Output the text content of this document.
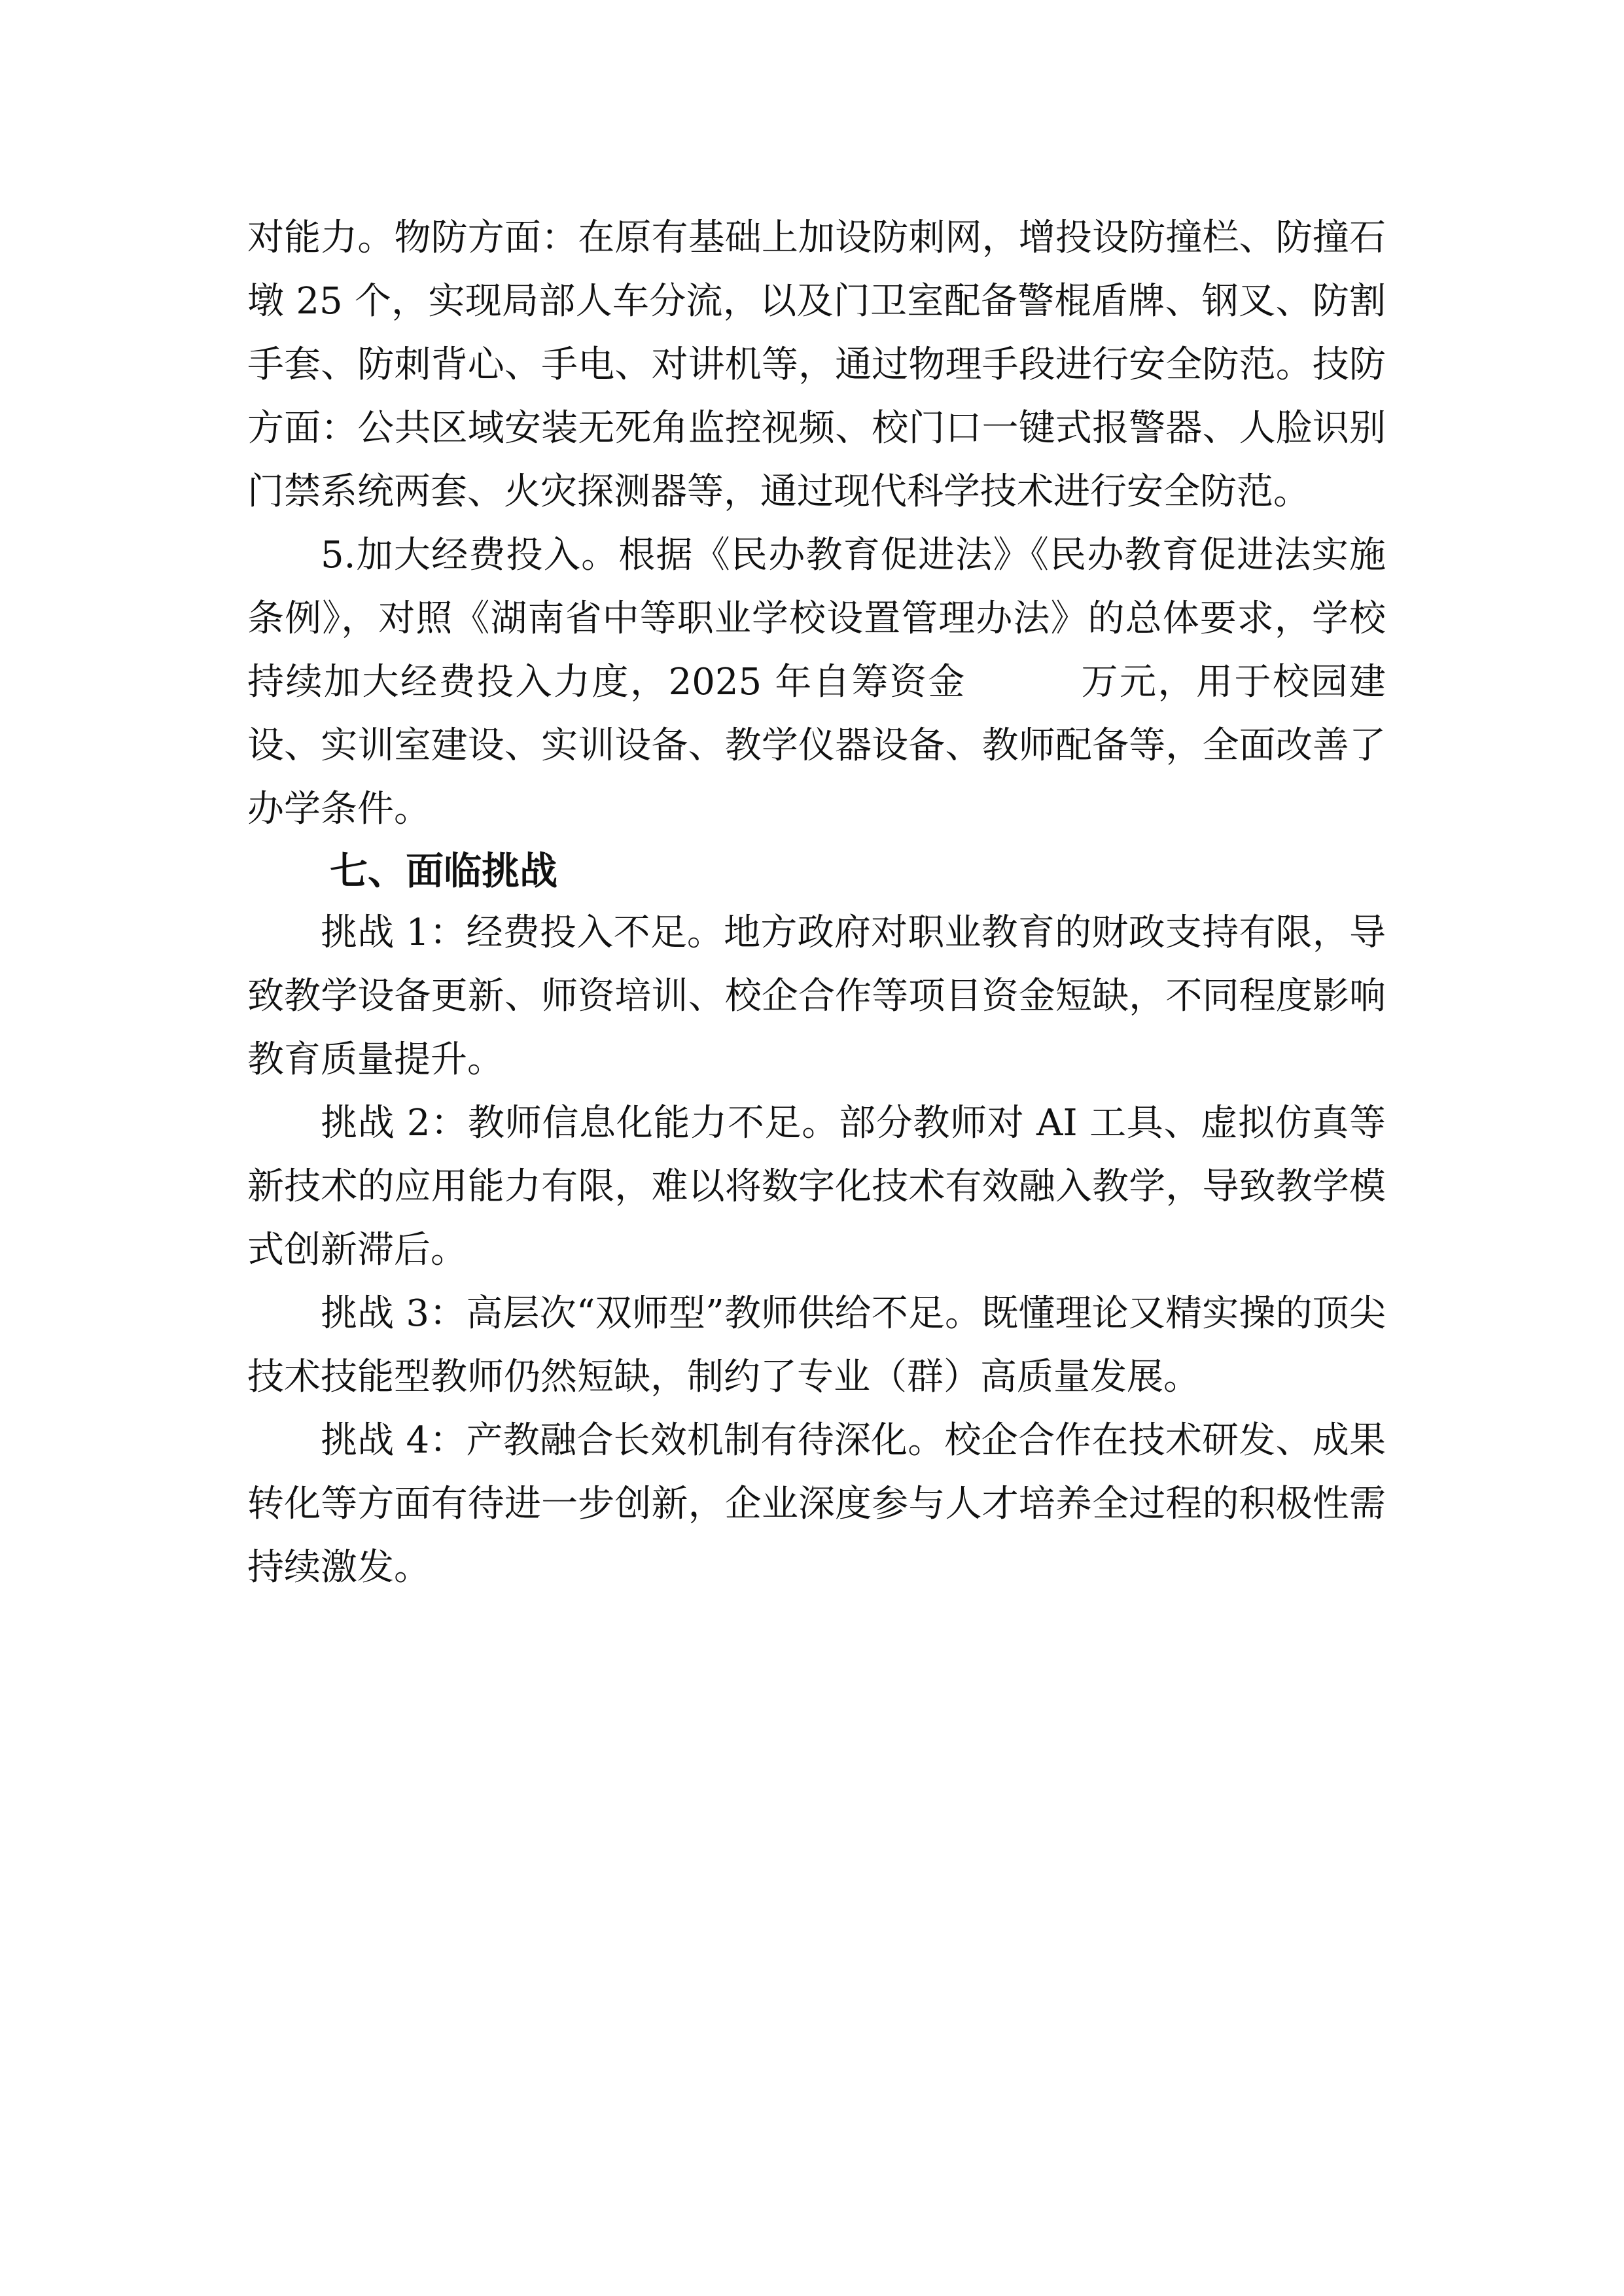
对能力。物防方面：在原有基础上加设防刺网，增投设防撞栏、防撞石墩 25 个，实现局部人车分流，以及门卫室配备警棍盾牌、钢叉、防割手套、防刺背心、手电、对讲机等，通过物理手段进行安全防范。技防方面：公共区域安装无死角监控视频、校门口一键式报警器、人脸识别门禁系统两套、火灾探测器等，通过现代科学技术进行安全防范。

5.加大经费投入。根据《民办教育促进法》《民办教育促进法实施条例》，对照《湖南省中等职业学校设置管理办法》的总体要求，学校持续加大经费投入力度，2025 年自筹资金　　　万元，用于校园建设、实训室建设、实训设备、教学仪器设备、教师配备等，全面改善了办学条件。

七、面临挑战

挑战 1：经费投入不足。地方政府对职业教育的财政支持有限，导致教学设备更新、师资培训、校企合作等项目资金短缺，不同程度影响教育质量提升。

挑战 2：教师信息化能力不足。部分教师对 AI 工具、虚拟仿真等新技术的应用能力有限，难以将数字化技术有效融入教学，导致教学模式创新滞后。

挑战 3：高层次“双师型”教师供给不足。既懂理论又精实操的顶尖技术技能型教师仍然短缺，制约了专业（群）高质量发展。

挑战 4：产教融合长效机制有待深化。校企合作在技术研发、成果转化等方面有待进一步创新，企业深度参与人才培养全过程的积极性需持续激发。
